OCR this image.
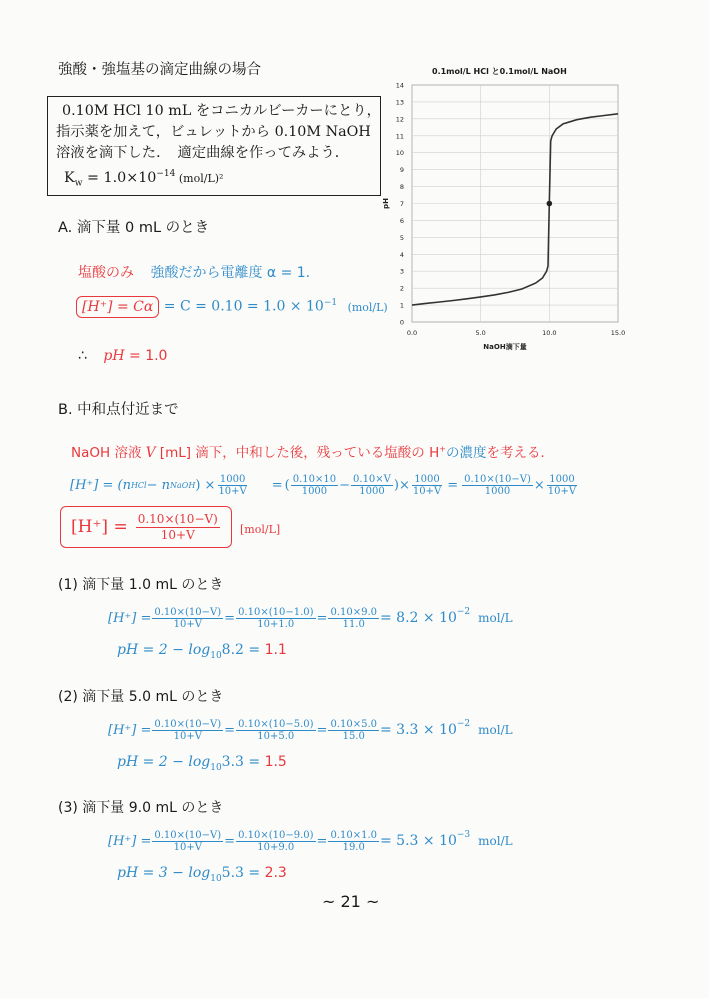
強酸・強塩基の滴定曲線の場合
0.10M HCl 10 mL をコニカルビーカーにとり，
指示薬を加えて，ビュレットから 0.10M NaOH
溶液を滴下した．　適定曲線を作ってみよう．
$K_w = 1.0\times 10^{-14}$ (mol/L)²
0.1mol/L HCl と0.1mol/L NaOH
0
1
2
3
4
5
6
7
8
9
10
11
12
13
14
0.0	5.0	10.0	15.0
NaOH滴下量
pH
A. 滴下量 0 mL のとき
塩酸のみ 強酸だから電離度 α = 1.
$[H^+] = C\alpha = C = 0.10 = 1.0 \times 10^{-1}$ (mol/L)
∴ pH = 1.0
B. 中和点付近まで
NaOH 溶液 V [mL] 滴下，中和した後，残っている塩酸の H+の濃度を考える．
[H⁺] = (n HCl − n NaOH ) × $\frac{1000}{10+V}$ = ( $\frac{0.10\times 10}{1000} - \frac{0.10\times V}{1000}$ )× $\frac{1000}{10+V} = \frac{0.10\times(10-V)}{1000} \times \frac{1000}{10+V}$
$[H^+] = \frac{0.10\times(10-V)}{10+V} [mol/L]$
(1) 滴下量 1.0 mL のとき
$[H^+] = \frac{0.10\times(10-V)}{10+V} = \frac{0.10\times(10-1.0)}{10+1.0} = \frac{0.10\times 9.0}{11.0} = 8.2 \times 10^{-2}$ mol/L
pH = $2 - \log_{10}8.2 = 1.1$
(2) 滴下量 5.0 mL のとき
$[H^+] = \frac{0.10\times(10-V)}{10+V} = \frac{0.10\times(10-5.0)}{10+5.0} = \frac{0.10\times 5.0}{15.0} = 3.3 \times 10^{-2}$ mol/L
pH = $2 - \log_{10}3.3 = 1.5$
(3) 滴下量 9.0 mL のとき
$[H^+] = \frac{0.10\times(10-V)}{10+V} = \frac{0.10\times(10-9.0)}{10+9.0} = \frac{0.10\times 1.0}{19.0} = 5.3 \times 10^{-3}$ mol/L
pH = $3 - \log_{10}5.3 = 2.3$
~ 21 ~
